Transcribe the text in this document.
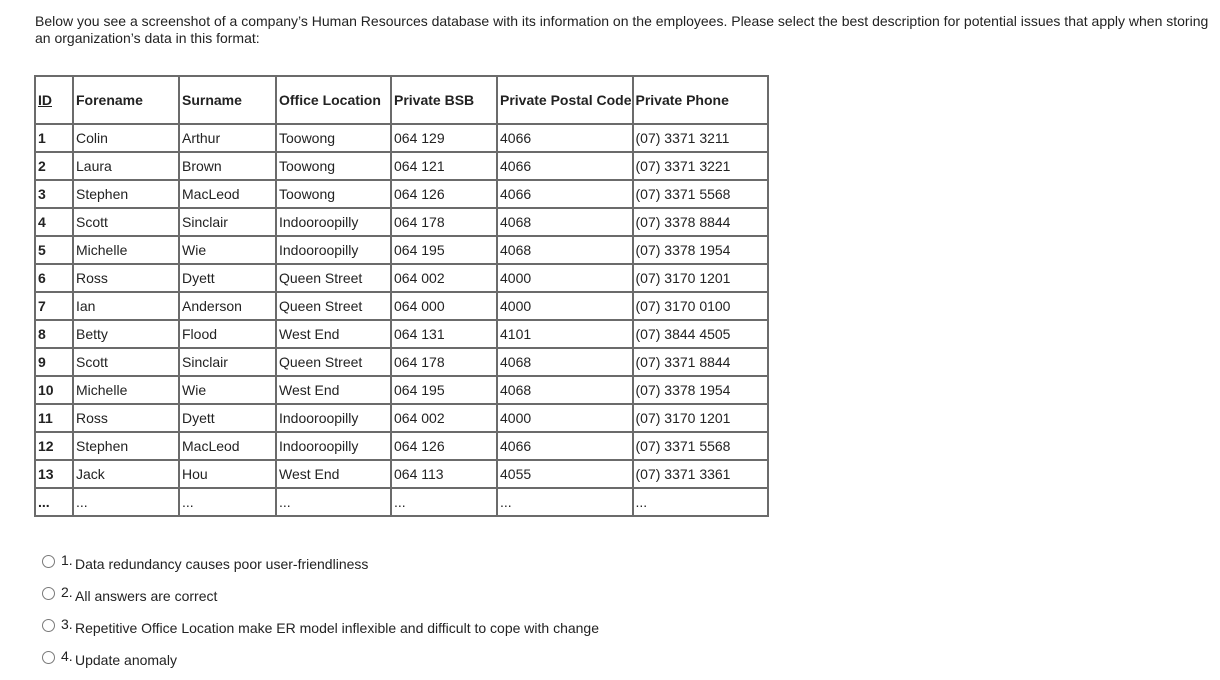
Below you see a screenshot of a company’s Human Resources database with its information on the employees. Please select the best description for potential issues that apply when storing an organization’s data in this format:

ID	Forename	Surname	Office Location	Private BSB	Private Postal Code	Private Phone
1	Colin	Arthur	Toowong	064 129	4066	(07) 3371 3211
2	Laura	Brown	Toowong	064 121	4066	(07) 3371 3221
3	Stephen	MacLeod	Toowong	064 126	4066	(07) 3371 5568
4	Scott	Sinclair	Indooroopilly	064 178	4068	(07) 3378 8844
5	Michelle	Wie	Indooroopilly	064 195	4068	(07) 3378 1954
6	Ross	Dyett	Queen Street	064 002	4000	(07) 3170 1201
7	Ian	Anderson	Queen Street	064 000	4000	(07) 3170 0100
8	Betty	Flood	West End	064 131	4101	(07) 3844 4505
9	Scott	Sinclair	Queen Street	064 178	4068	(07) 3371 8844
10	Michelle	Wie	West End	064 195	4068	(07) 3378 1954
11	Ross	Dyett	Indooroopilly	064 002	4000	(07) 3170 1201
12	Stephen	MacLeod	Indooroopilly	064 126	4066	(07) 3371 5568
13	Jack	Hou	West End	064 113	4055	(07) 3371 3361
...	...	...	...	...	...	...
1. Data redundancy causes poor user-friendliness
2. All answers are correct
3. Repetitive Office Location make ER model inflexible and difficult to cope with change
4. Update anomaly
